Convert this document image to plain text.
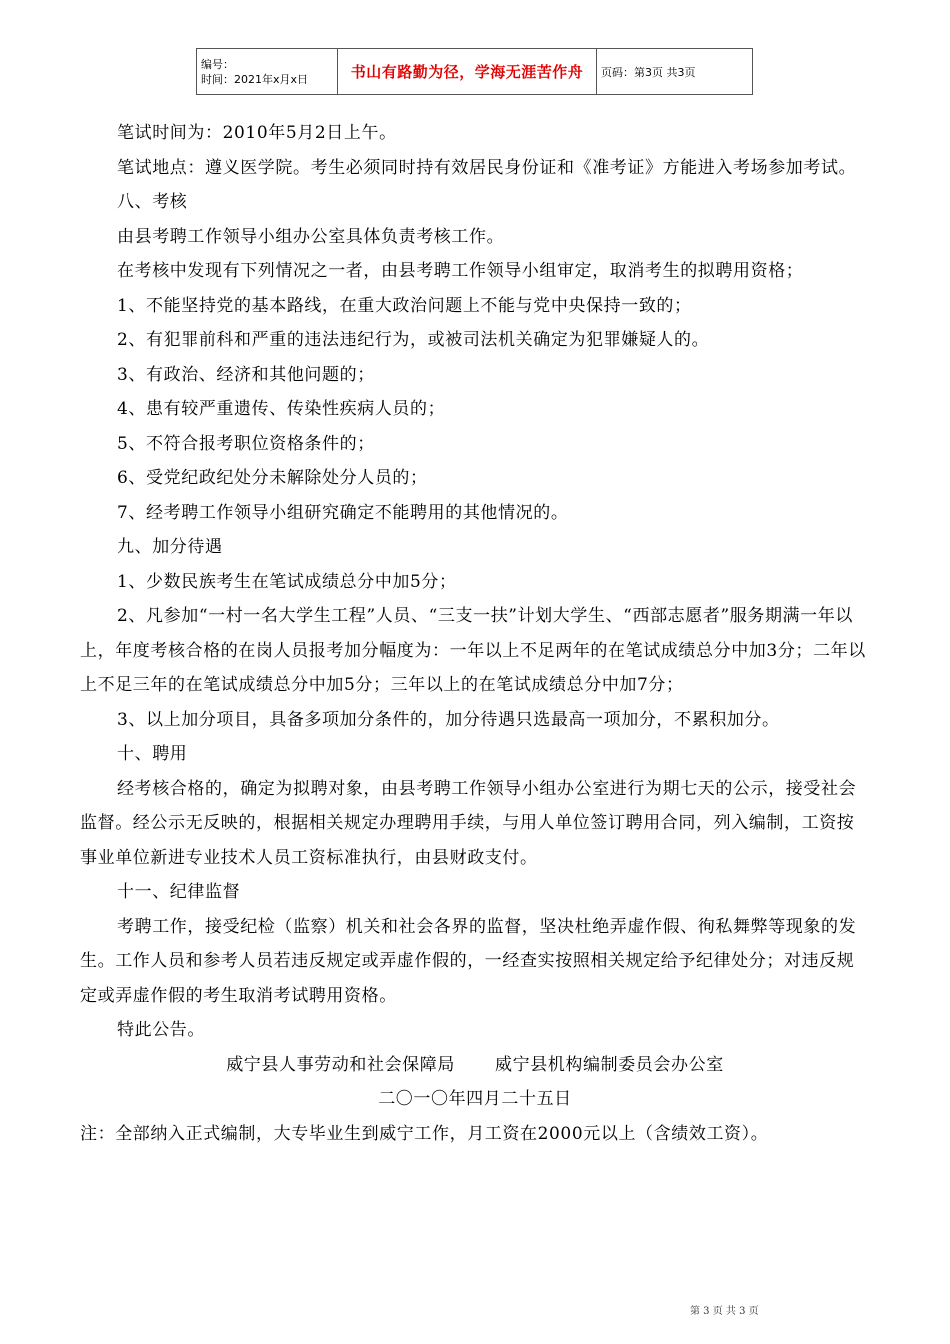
编号：
时间：2021年x月x日	书山有路勤为径，学海无涯苦作舟	页码：第3页 共3页

笔试时间为：2010年5月2日上午。

笔试地点：遵义医学院。考生必须同时持有效居民身份证和《准考证》方能进入考场参加考试。

八、考核

由县考聘工作领导小组办公室具体负责考核工作。

在考核中发现有下列情况之一者，由县考聘工作领导小组审定，取消考生的拟聘用资格；

1、不能坚持党的基本路线，在重大政治问题上不能与党中央保持一致的；

2、有犯罪前科和严重的违法违纪行为，或被司法机关确定为犯罪嫌疑人的。

3、有政治、经济和其他问题的；

4、患有较严重遗传、传染性疾病人员的；

5、不符合报考职位资格条件的；

6、受党纪政纪处分未解除处分人员的；

7、经考聘工作领导小组研究确定不能聘用的其他情况的。

九、加分待遇

1、少数民族考生在笔试成绩总分中加5分；

2、凡参加“一村一名大学生工程”人员、“三支一扶”计划大学生、“西部志愿者”服务期满一年以上，年度考核合格的在岗人员报考加分幅度为：一年以上不足两年的在笔试成绩总分中加3分；二年以上不足三年的在笔试成绩总分中加5分；三年以上的在笔试成绩总分中加7分；

3、以上加分项目，具备多项加分条件的，加分待遇只选最高一项加分，不累积加分。

十、聘用

经考核合格的，确定为拟聘对象，由县考聘工作领导小组办公室进行为期七天的公示，接受社会监督。经公示无反映的，根据相关规定办理聘用手续，与用人单位签订聘用合同，列入编制，工资按事业单位新进专业技术人员工资标准执行，由县财政支付。

十一、纪律监督

考聘工作，接受纪检（监察）机关和社会各界的监督，坚决杜绝弄虚作假、徇私舞弊等现象的发生。工作人员和参考人员若违反规定或弄虚作假的，一经查实按照相关规定给予纪律处分；对违反规定或弄虚作假的考生取消考试聘用资格。

特此公告。

威宁县人事劳动和社会保障局 威宁县机构编制委员会办公室

二〇一〇年四月二十五日

注：全部纳入正式编制，大专毕业生到威宁工作，月工资在2000元以上（含绩效工资）。

第 3 页 共 3 页
